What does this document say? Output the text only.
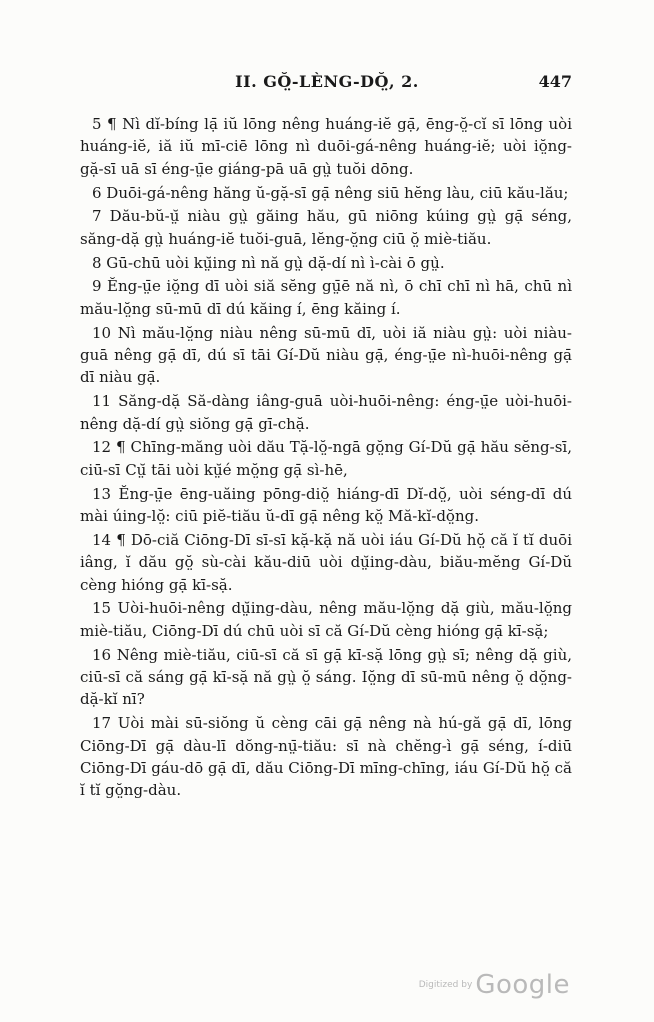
II. GŎ̤-LÈNG-DŎ̤, 2.	447

5 ¶ Nì dĭ-bíng lạ̄ iŭ lōng nêng huáng-iĕ gạ̄, ēng-ŏ̤-cĭ sī lōng uòi huáng-iĕ, iă iŭ mī-ciē lōng nì duōi-gá-nêng huáng-iĕ; uòi iŏ̤ng-gặ-sī uā sī éng-ṳ̄e giáng-pā uā gṳ̀ tuŏi dōng.

6 Duōi-gá-nêng hăng ŭ-gặ-sī gạ̄ nêng siū hĕng làu, ciū kău-lău;

7 Dău-bŭ-ṳ̆ niàu gṳ̀ găing hău, gū niōng kúing gṳ̀ gạ̄ séng, săng-dặ gṳ̀ huáng-iĕ tuŏi-guā, lĕng-ŏ̤ng ciū ŏ̤ miè-tiău.

8 Gū-chū uòi kṳ̆ing nì nă gṳ̀ dặ-dí nì ì-cài ō gṳ̀.

9 Ĕng-ṳ̄e iŏ̤ng dī uòi siă sĕng gṳ̄ē nă nì, ō chī chī nì hā, chū nì mău-lŏ̤ng sū-mū dī dú kăing í, ēng kăing í.

10 Nì mău-lŏ̤ng niàu nêng sū-mū dī, uòi iă niàu gṳ̀: uòi niàu-guā nêng gạ̄ dī, dú sī tāi Gí-Dŭ niàu gạ̄, éng-ṳ̄e nì-huōi-nêng gạ̄ dī niàu gạ̄.

11 Săng-dặ Să-dàng iâng-guā uòi-huōi-nêng: éng-ṳ̄e uòi-huōi-nêng dặ-dí gṳ̀ siŏng gạ̄ gī-chặ.

12 ¶ Chīng-măng uòi dău Tặ-lŏ̤-ngā gŏ̤ng Gí-Dŭ gạ̄ hău sĕng-sī, ciū-sī Cṳ̆ tāi uòi kṳ̆é mŏ̤ng gạ̄ sì-hē,

13 Ĕng-ṳ̄e ēng-uăing pōng-diŏ̤ hiáng-dī Dĭ-dŏ̤, uòi séng-dī dú mài úing-lŏ̤: ciū piĕ-tiău ŭ-dī gạ̄ nêng kŏ̤ Mă-kĭ-dŏ̤ng.

14 ¶ Dō-ciă Ciōng-Dī sī-sī kặ-kặ nă uòi iáu Gí-Dŭ hŏ̤ că ĭ tĭ duōi iâng, ĭ dău gŏ̤ sù-cài kău-diū uòi dṳ̆ing-dàu, biău-mĕng Gí-Dŭ cèng hióng gạ̄ kī-sặ.

15 Uòi-huōi-nêng dṳ̆ing-dàu, nêng mău-lŏ̤ng dặ giù, mău-lŏ̤ng miè-tiău, Ciōng-Dī dú chū uòi sī că Gí-Dŭ cèng hióng gạ̄ kī-sặ;

16 Nêng miè-tiău, ciū-sī că sī gạ̄ kī-sặ lōng gṳ̀ sī; nêng dặ giù, ciū-sī că sáng gạ̄ kī-sặ nă gṳ̀ ŏ̤ sáng. Iŏ̤ng dī sū-mū nêng ŏ̤ dŏ̤ng-dặ-kĭ nī?

17 Uòi mài sū-siŏng ŭ cèng cāi gạ̄ nêng nà hú-gă gạ̄ dī, lōng Ciōng-Dī gạ̄ dàu-lī dŏng-nṳ̄-tiău: sī nà chĕng-ì gạ̄ séng, í-diū Ciōng-Dī gáu-dō gạ̄ dī, dău Ciōng-Dī mīng-chīng, iáu Gí-Dŭ hŏ̤ că ĭ tĭ gŏ̤ng-dàu.

Digitized by Google
